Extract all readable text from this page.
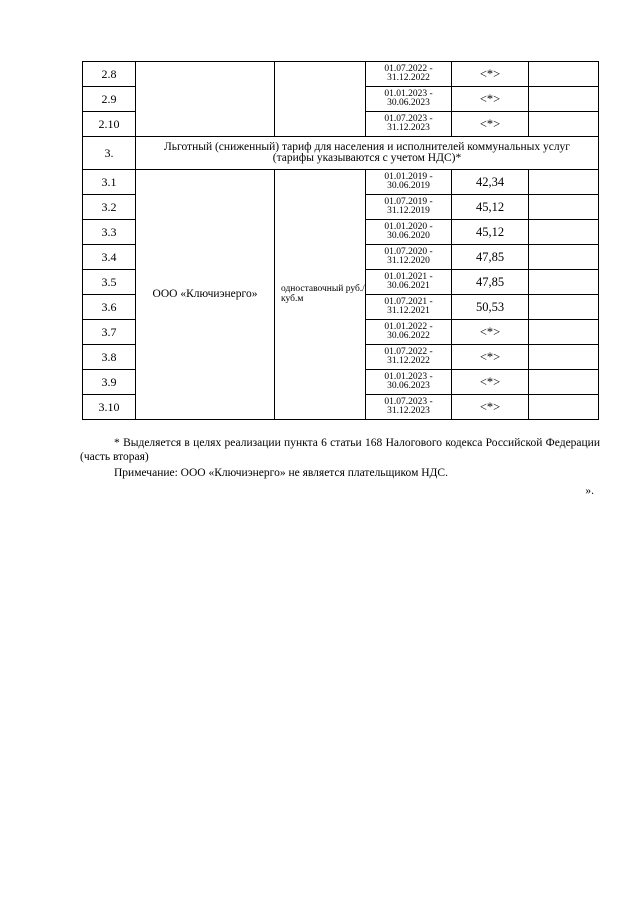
2.8			01.07.2022 - 31.12.2022	<*>	
2.9			01.01.2023 - 30.06.2023	<*>	
2.10			01.07.2023 - 31.12.2023	<*>	
3.	Льготный (сниженный) тариф для населения и исполнителей коммунальных услуг (тарифы указываются с учетом НДС)*				
3.1	ООО «Ключиэнерго»	одноставочный руб./куб.м	01.01.2019 - 30.06.2019	42,34	
3.2			01.07.2019 - 31.12.2019	45,12	
3.3			01.01.2020 - 30.06.2020	45,12	
3.4			01.07.2020 - 31.12.2020	47,85	
3.5			01.01.2021 - 30.06.2021	47,85	
3.6			01.07.2021 - 31.12.2021	50,53	
3.7			01.01.2022 - 30.06.2022	<*>	
3.8			01.07.2022 - 31.12.2022	<*>	
3.9			01.01.2023 - 30.06.2023	<*>	
3.10			01.07.2023 - 31.12.2023	<*>	
* Выделяется в целях реализации пункта 6 статьи 168 Налогового кодекса Российской Федерации (часть вторая)
Примечание: ООО «Ключиэнерго» не является плательщиком НДС.
».
